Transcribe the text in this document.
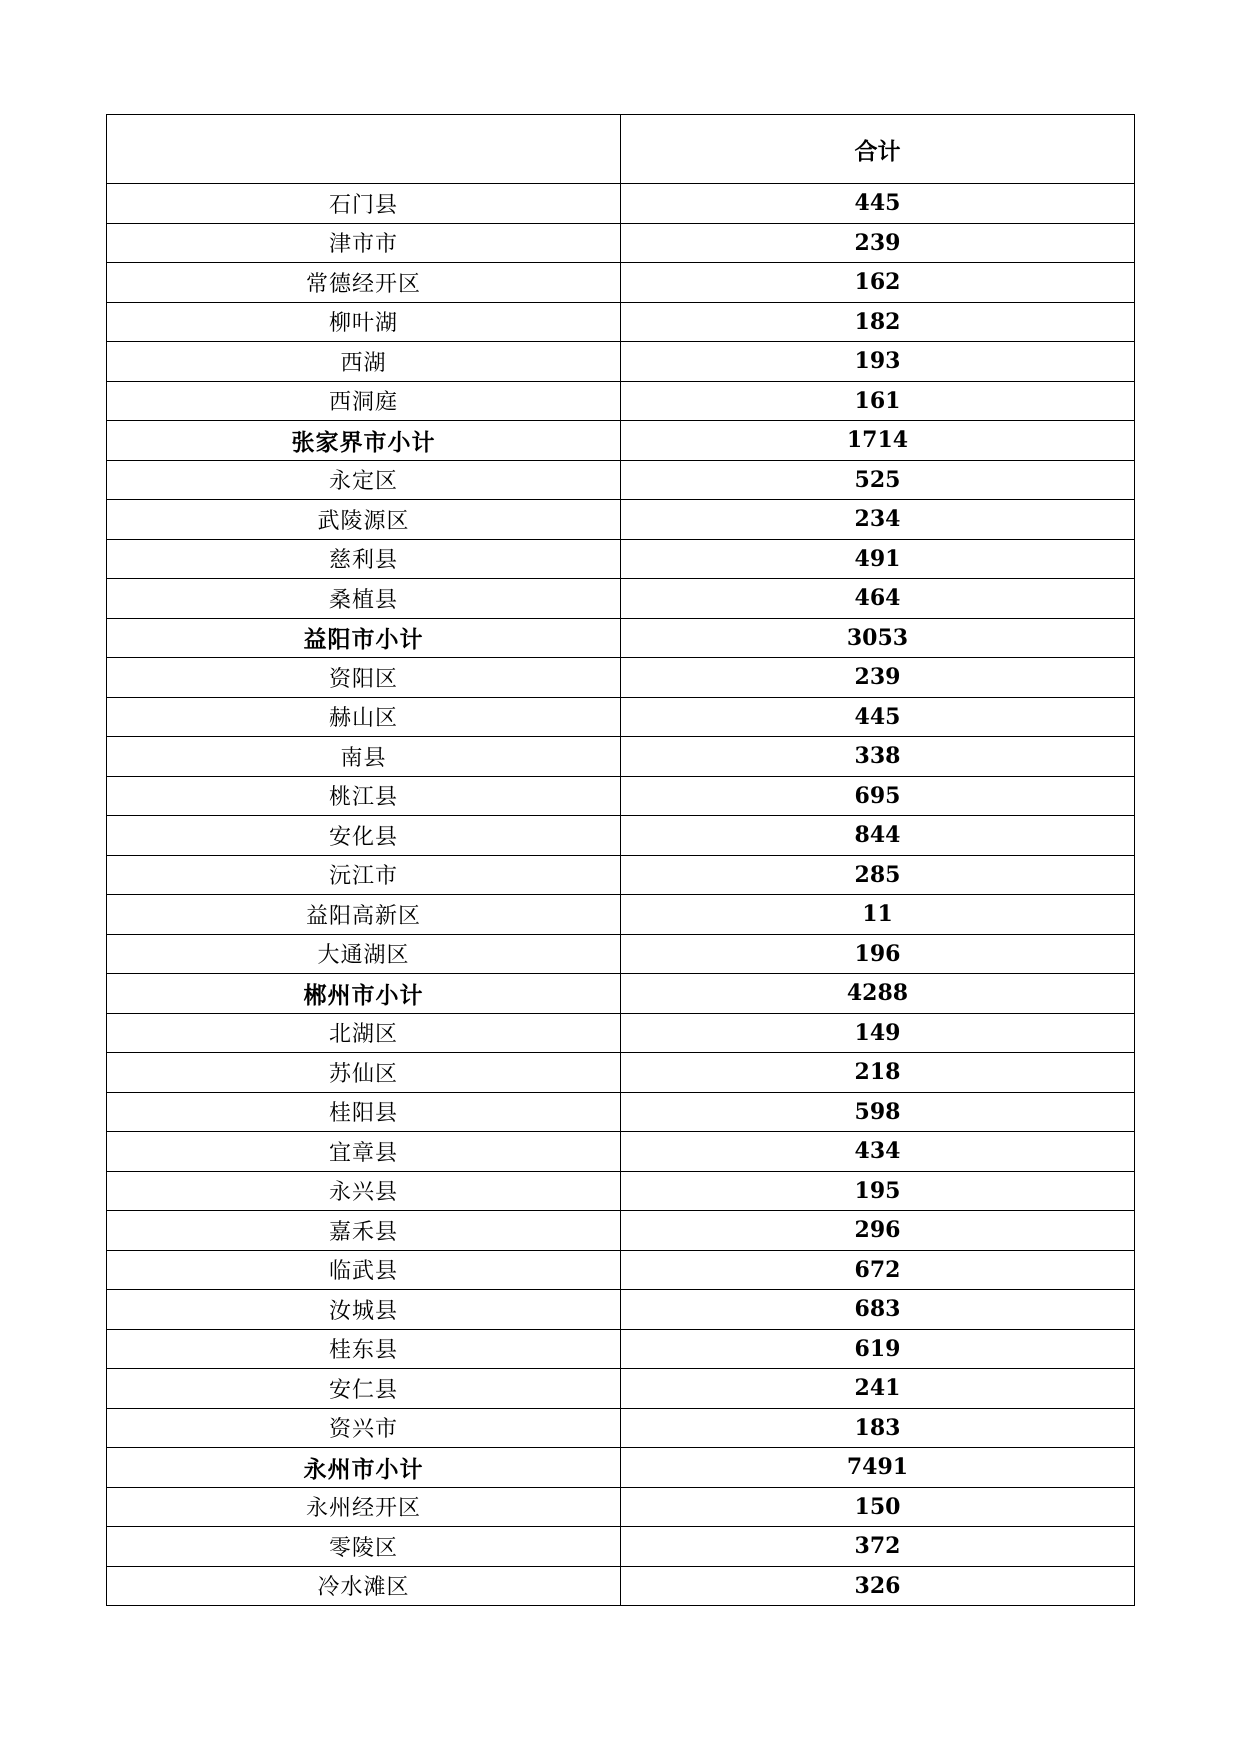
	合计
石门县	445
津市市	239
常德经开区	162
柳叶湖	182
西湖	193
西洞庭	161
张家界市小计	1714
永定区	525
武陵源区	234
慈利县	491
桑植县	464
益阳市小计	3053
资阳区	239
赫山区	445
南县	338
桃江县	695
安化县	844
沅江市	285
益阳高新区	11
大通湖区	196
郴州市小计	4288
北湖区	149
苏仙区	218
桂阳县	598
宜章县	434
永兴县	195
嘉禾县	296
临武县	672
汝城县	683
桂东县	619
安仁县	241
资兴市	183
永州市小计	7491
永州经开区	150
零陵区	372
冷水滩区	326
